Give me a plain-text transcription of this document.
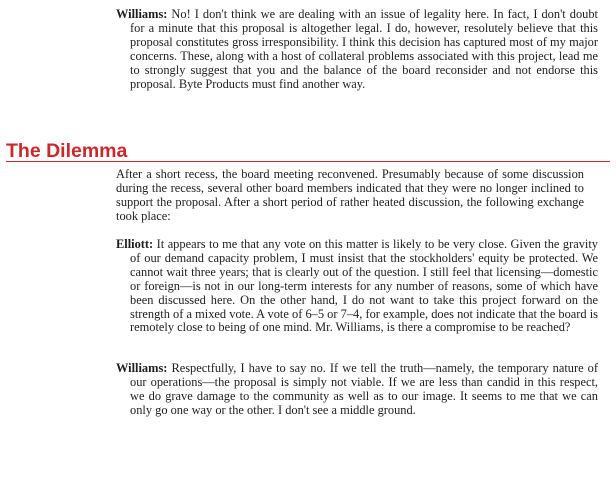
Williams: No! I don't think we are dealing with an issue of legality here. In fact, I don't doubt for a minute that this proposal is altogether legal. I do, however, resolutely believe that this proposal constitutes gross irresponsibility. I think this decision has captured most of my major concerns. These, along with a host of collateral problems associated with this project, lead me to strongly suggest that you and the balance of the board reconsider and not endorse this proposal. Byte Products must find another way.

The Dilemma

After a short recess, the board meeting reconvened. Presumably because of some discussion during the recess, several other board members indicated that they were no longer inclined to support the proposal. After a short period of rather heated discussion, the following exchange took place:

Elliott: It appears to me that any vote on this matter is likely to be very close. Given the gravity of our demand capacity problem, I must insist that the stockholders' equity be protected. We cannot wait three years; that is clearly out of the question. I still feel that licensing—domestic or foreign—is not in our long-term interests for any number of reasons, some of which have been discussed here. On the other hand, I do not want to take this project forward on the strength of a mixed vote. A vote of 6–5 or 7–4, for example, does not indicate that the board is remotely close to being of one mind. Mr. Williams, is there a compromise to be reached?

Williams: Respectfully, I have to say no. If we tell the truth—namely, the temporary nature of our operations—the proposal is simply not viable. If we are less than candid in this respect, we do grave damage to the community as well as to our image. It seems to me that we can only go one way or the other. I don't see a middle ground.
